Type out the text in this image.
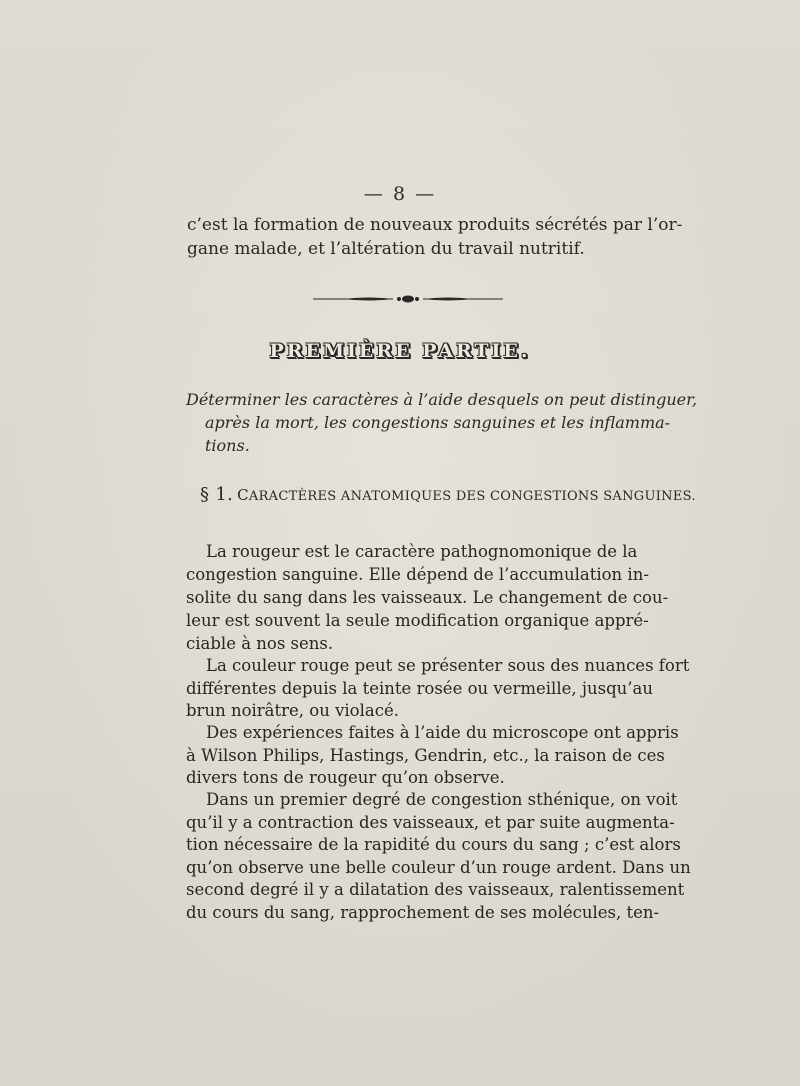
— 8 —
c’est la formation de nouveaux produits sécrétés par l’or-
gane malade, et l’altération du travail nutritif.
PREMIÈRE PARTIE.
Déterminer les caractères à l’aide desquels on peut distinguer,
après la mort, les congestions sanguines et les inflamma-
tions.
§ 1. CARACTÈRES ANATOMIQUES DES CONGESTIONS SANGUINES.
La rougeur est le caractère pathognomonique de la
congestion sanguine. Elle dépend de l’accumulation in-
solite du sang dans les vaisseaux. Le changement de cou-
leur est souvent la seule modification organique appré-
ciable à nos sens.
La couleur rouge peut se présenter sous des nuances fort
différentes depuis la teinte rosée ou vermeille, jusqu’au
brun noirâtre, ou violacé.
Des expériences faites à l’aide du microscope ont appris
à Wilson Philips, Hastings, Gendrin, etc., la raison de ces
divers tons de rougeur qu’on observe.
Dans un premier degré de congestion sthénique, on voit
qu’il y a contraction des vaisseaux, et par suite augmenta-
tion nécessaire de la rapidité du cours du sang ; c’est alors
qu’on observe une belle couleur d’un rouge ardent. Dans un
second degré il y a dilatation des vaisseaux, ralentissement
du cours du sang, rapprochement de ses molécules, ten-
